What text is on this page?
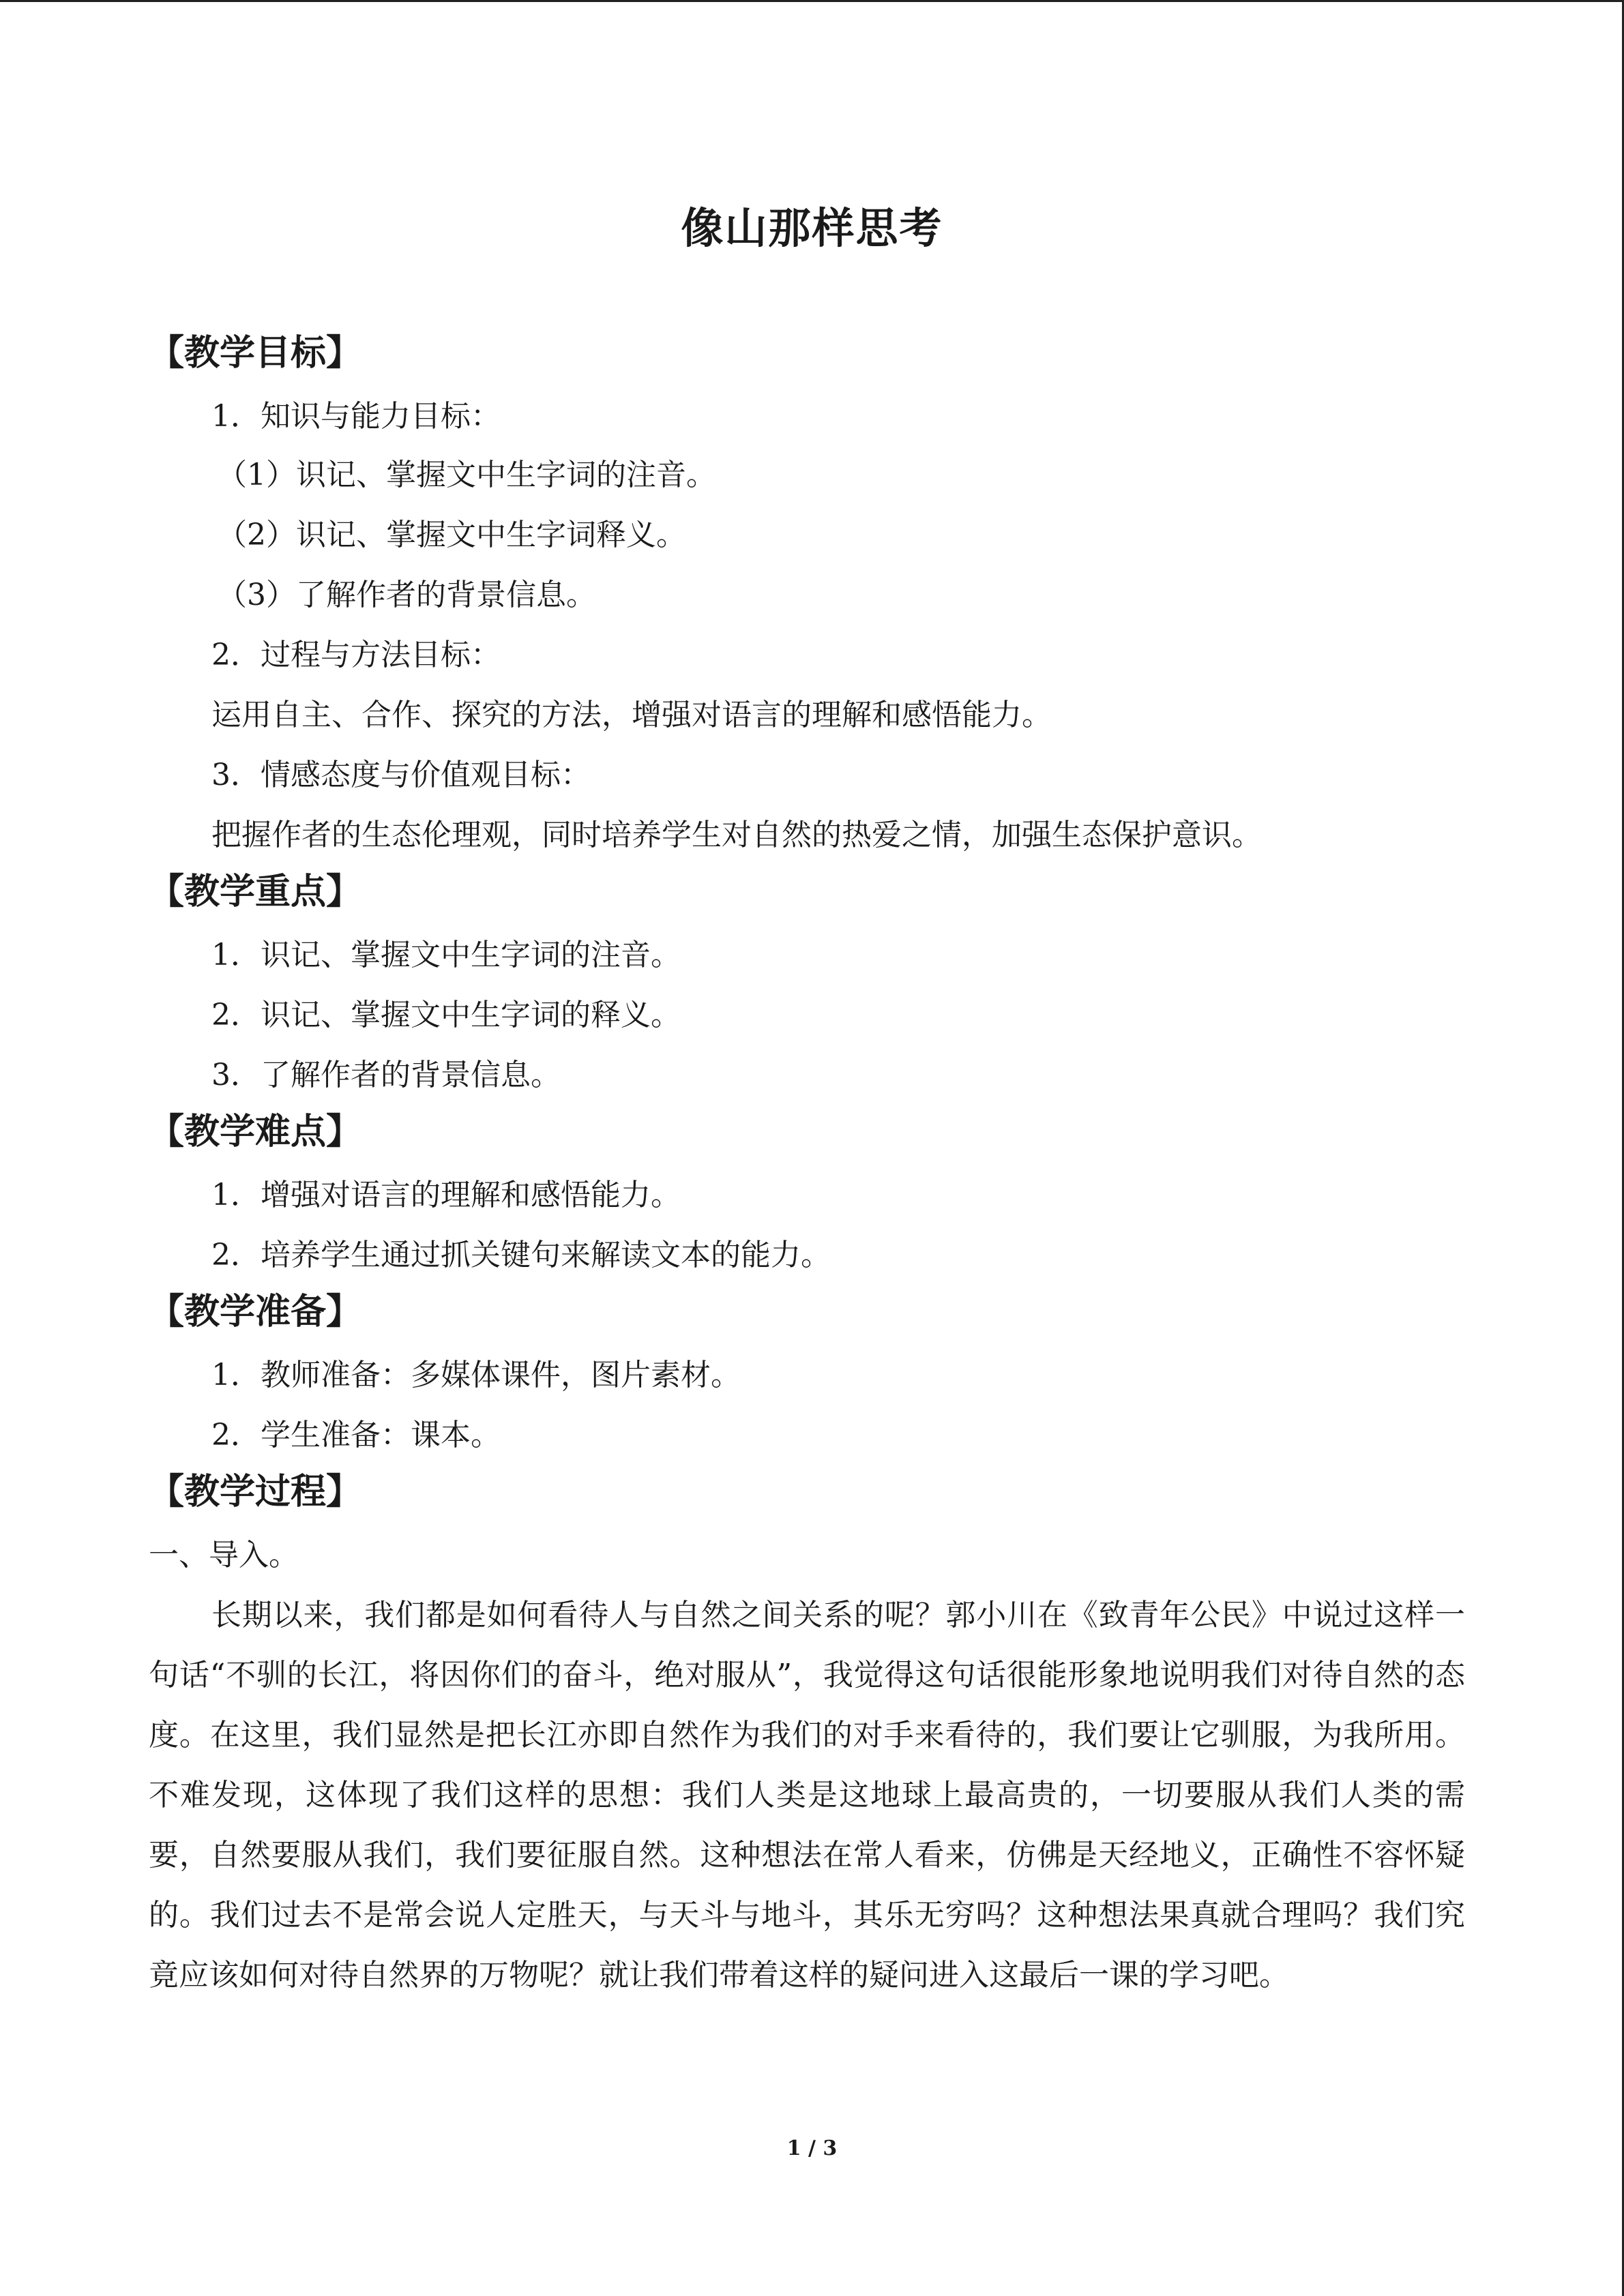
像山那样思考
【教学目标】
1．知识与能力目标：
（1）识记、掌握文中生字词的注音。
（2）识记、掌握文中生字词释义。
（3）了解作者的背景信息。
2．过程与方法目标：
运用自主、合作、探究的方法，增强对语言的理解和感悟能力。
3．情感态度与价值观目标：
把握作者的生态伦理观，同时培养学生对自然的热爱之情，加强生态保护意识。
【教学重点】
1．识记、掌握文中生字词的注音。
2．识记、掌握文中生字词的释义。
3．了解作者的背景信息。
【教学难点】
1．增强对语言的理解和感悟能力。
2．培养学生通过抓关键句来解读文本的能力。
【教学准备】
1．教师准备：多媒体课件，图片素材。
2．学生准备：课本。
【教学过程】
一、导入。
长期以来，我们都是如何看待人与自然之间关系的呢？郭小川在《致青年公民》中说过这样一句话“不驯的长江，将因你们的奋斗，绝对服从”，我觉得这句话很能形象地说明我们对待自然的态度。在这里，我们显然是把长江亦即自然作为我们的对手来看待的，我们要让它驯服，为我所用。不难发现，这体现了我们这样的思想：我们人类是这地球上最高贵的，一切要服从我们人类的需要，自然要服从我们，我们要征服自然。这种想法在常人看来，仿佛是天经地义，正确性不容怀疑的。我们过去不是常会说人定胜天，与天斗与地斗，其乐无穷吗？这种想法果真就合理吗？我们究竟应该如何对待自然界的万物呢？就让我们带着这样的疑问进入这最后一课的学习吧。
1 / 3
